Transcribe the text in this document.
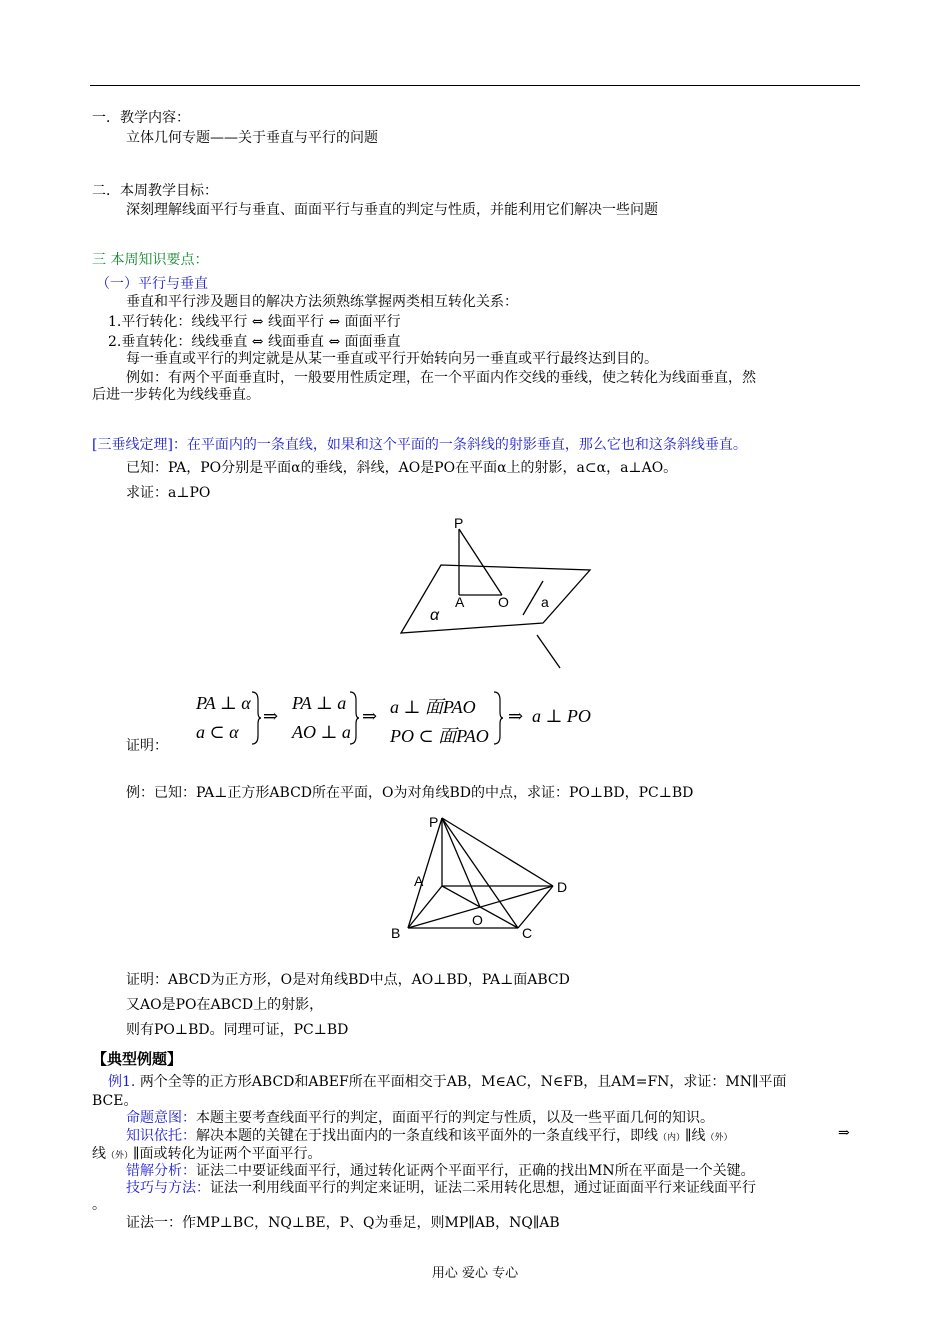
一．教学内容：
立体几何专题——关于垂直与平行的问题
二．本周教学目标：
深刻理解线面平行与垂直、面面平行与垂直的判定与性质，并能利用它们解决一些问题
三 本周知识要点：
（一）平行与垂直
垂直和平行涉及题目的解决方法须熟练掌握两类相互转化关系：
1.平行转化：线线平行 ⇔ 线面平行 ⇔ 面面平行
2.垂直转化：线线垂直 ⇔ 线面垂直 ⇔ 面面垂直
每一垂直或平行的判定就是从某一垂直或平行开始转向另一垂直或平行最终达到目的。
例如：有两个平面垂直时，一般要用性质定理，在一个平面内作交线的垂线，使之转化为线面垂直，然
后进一步转化为线线垂直。
[三垂线定理]：在平面内的一条直线，如果和这个平面的一条斜线的射影垂直，那么它也和这条斜线垂直。
已知：PA，PO分别是平面α的垂线，斜线，AO是PO在平面α上的射影，a⊂α，a⊥AO。
求证：a⊥PO
P
A O a
α
证明：
PA ⊥ α
a ⊂ α
⇒
PA ⊥ a
AO ⊥ a
⇒ a ⊥ 面PAO
PO ⊂ 面PAO
⇒ a ⊥ PO
例：已知：PA⊥正方形ABCD所在平面，O为对角线BD的中点，求证：PO⊥BD，PC⊥BD
P
A
B	C
D
O
证明：ABCD为正方形，O是对角线BD中点，AO⊥BD，PA⊥面ABCD
又AO是PO在ABCD上的射影，
则有PO⊥BD。同理可证，PC⊥BD
【典型例题】
例1. 两个全等的正方形ABCD和ABEF所在平面相交于AB，M∈AC，N∈FB，且AM=FN，求证：MN∥平面
BCE。
命题意图：本题主要考查线面平行的判定，面面平行的判定与性质，以及一些平面几何的知识。
知识依托：解决本题的关键在于找出面内的一条直线和该平面外的一条直线平行，即线（内）∥线（外）	⇒
线（外）∥面或转化为证两个平面平行。
错解分析：证法二中要证线面平行，通过转化证两个平面平行，正确的找出MN所在平面是一个关键。
技巧与方法：证法一利用线面平行的判定来证明，证法二采用转化思想，通过证面面平行来证线面平行
。
证法一：作MP⊥BC，NQ⊥BE，P、Q为垂足，则MP∥AB，NQ∥AB
用心 爱心 专心
